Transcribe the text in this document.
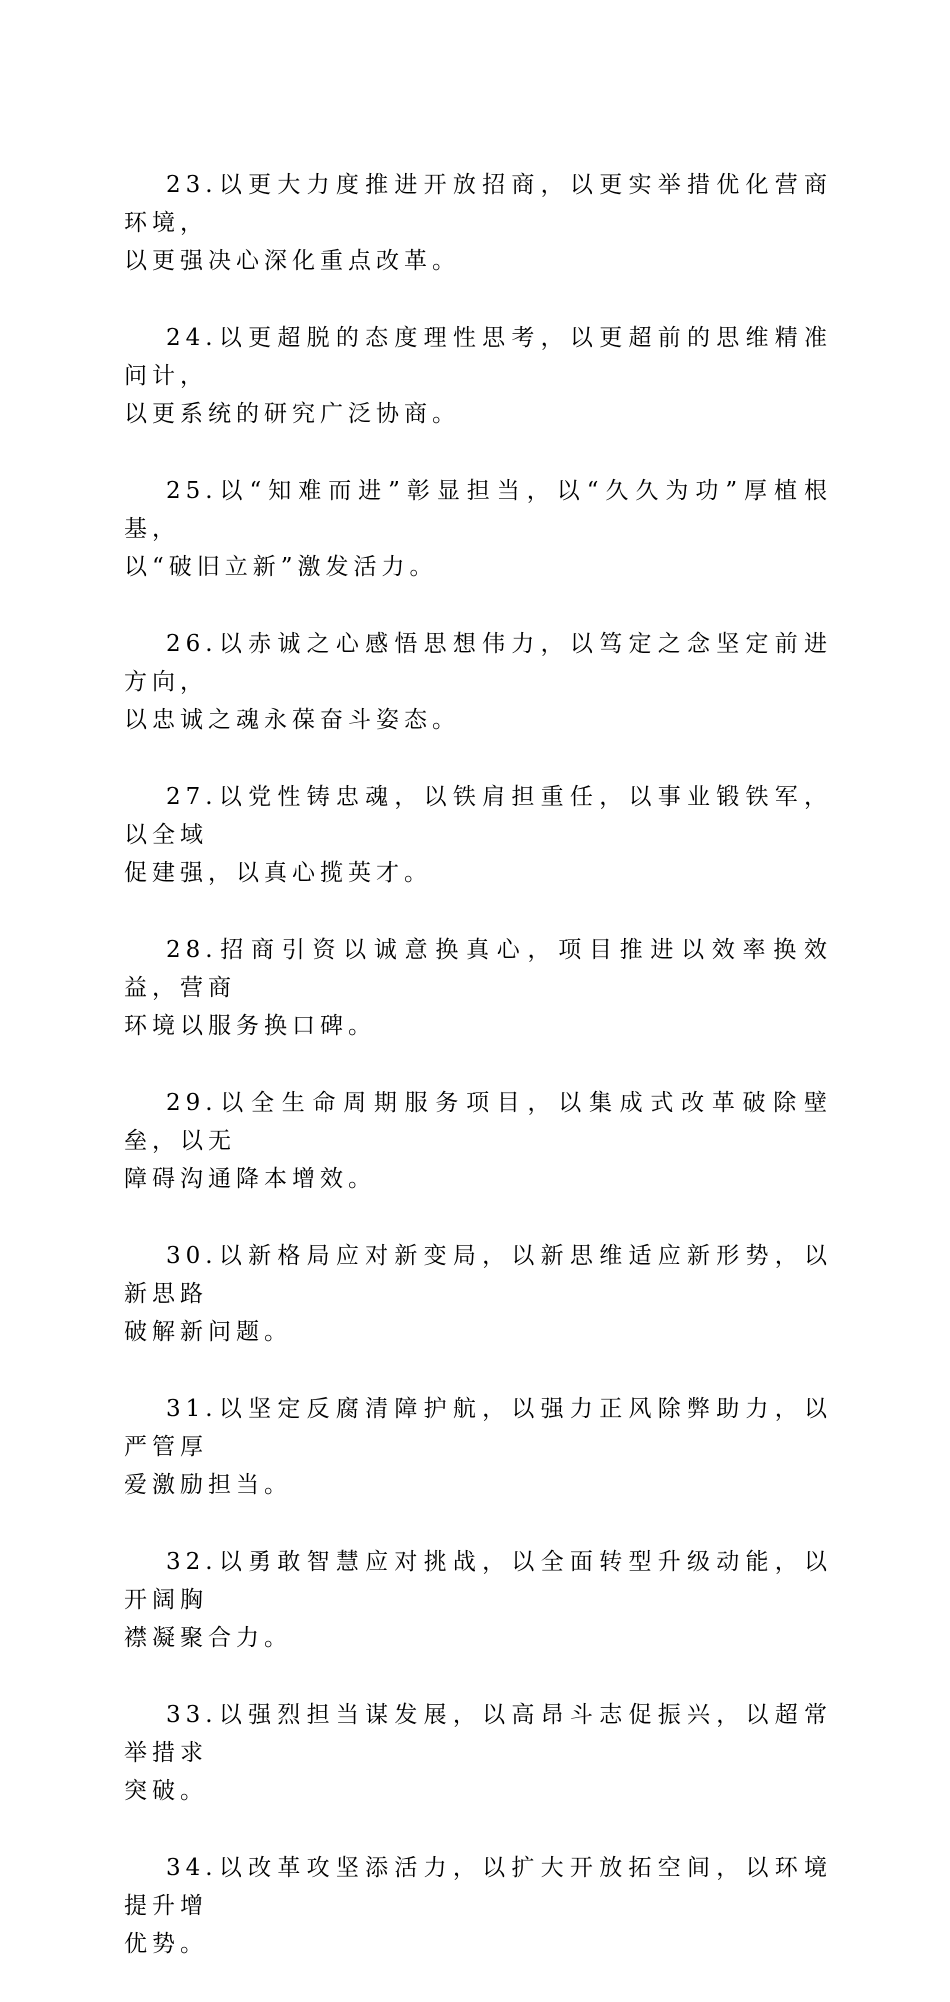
23.以更大力度推进开放招商，以更实举措优化营商环境，
以更强决心深化重点改革。

24.以更超脱的态度理性思考，以更超前的思维精准问计，
以更系统的研究广泛协商。

25.以“知难而进”彰显担当，以“久久为功”厚植根基，
以“破旧立新”激发活力。

26.以赤诚之心感悟思想伟力，以笃定之念坚定前进方向，
以忠诚之魂永葆奋斗姿态。

27.以党性铸忠魂，以铁肩担重任，以事业锻铁军，以全域
促建强，以真心揽英才。

28.招商引资以诚意换真心，项目推进以效率换效益，营商
环境以服务换口碑。

29.以全生命周期服务项目，以集成式改革破除壁垒，以无
障碍沟通降本增效。

30.以新格局应对新变局，以新思维适应新形势，以新思路
破解新问题。

31.以坚定反腐清障护航，以强力正风除弊助力，以严管厚
爱激励担当。

32.以勇敢智慧应对挑战，以全面转型升级动能，以开阔胸
襟凝聚合力。

33.以强烈担当谋发展，以高昂斗志促振兴，以超常举措求
突破。

34.以改革攻坚添活力，以扩大开放拓空间，以环境提升增
优势。
